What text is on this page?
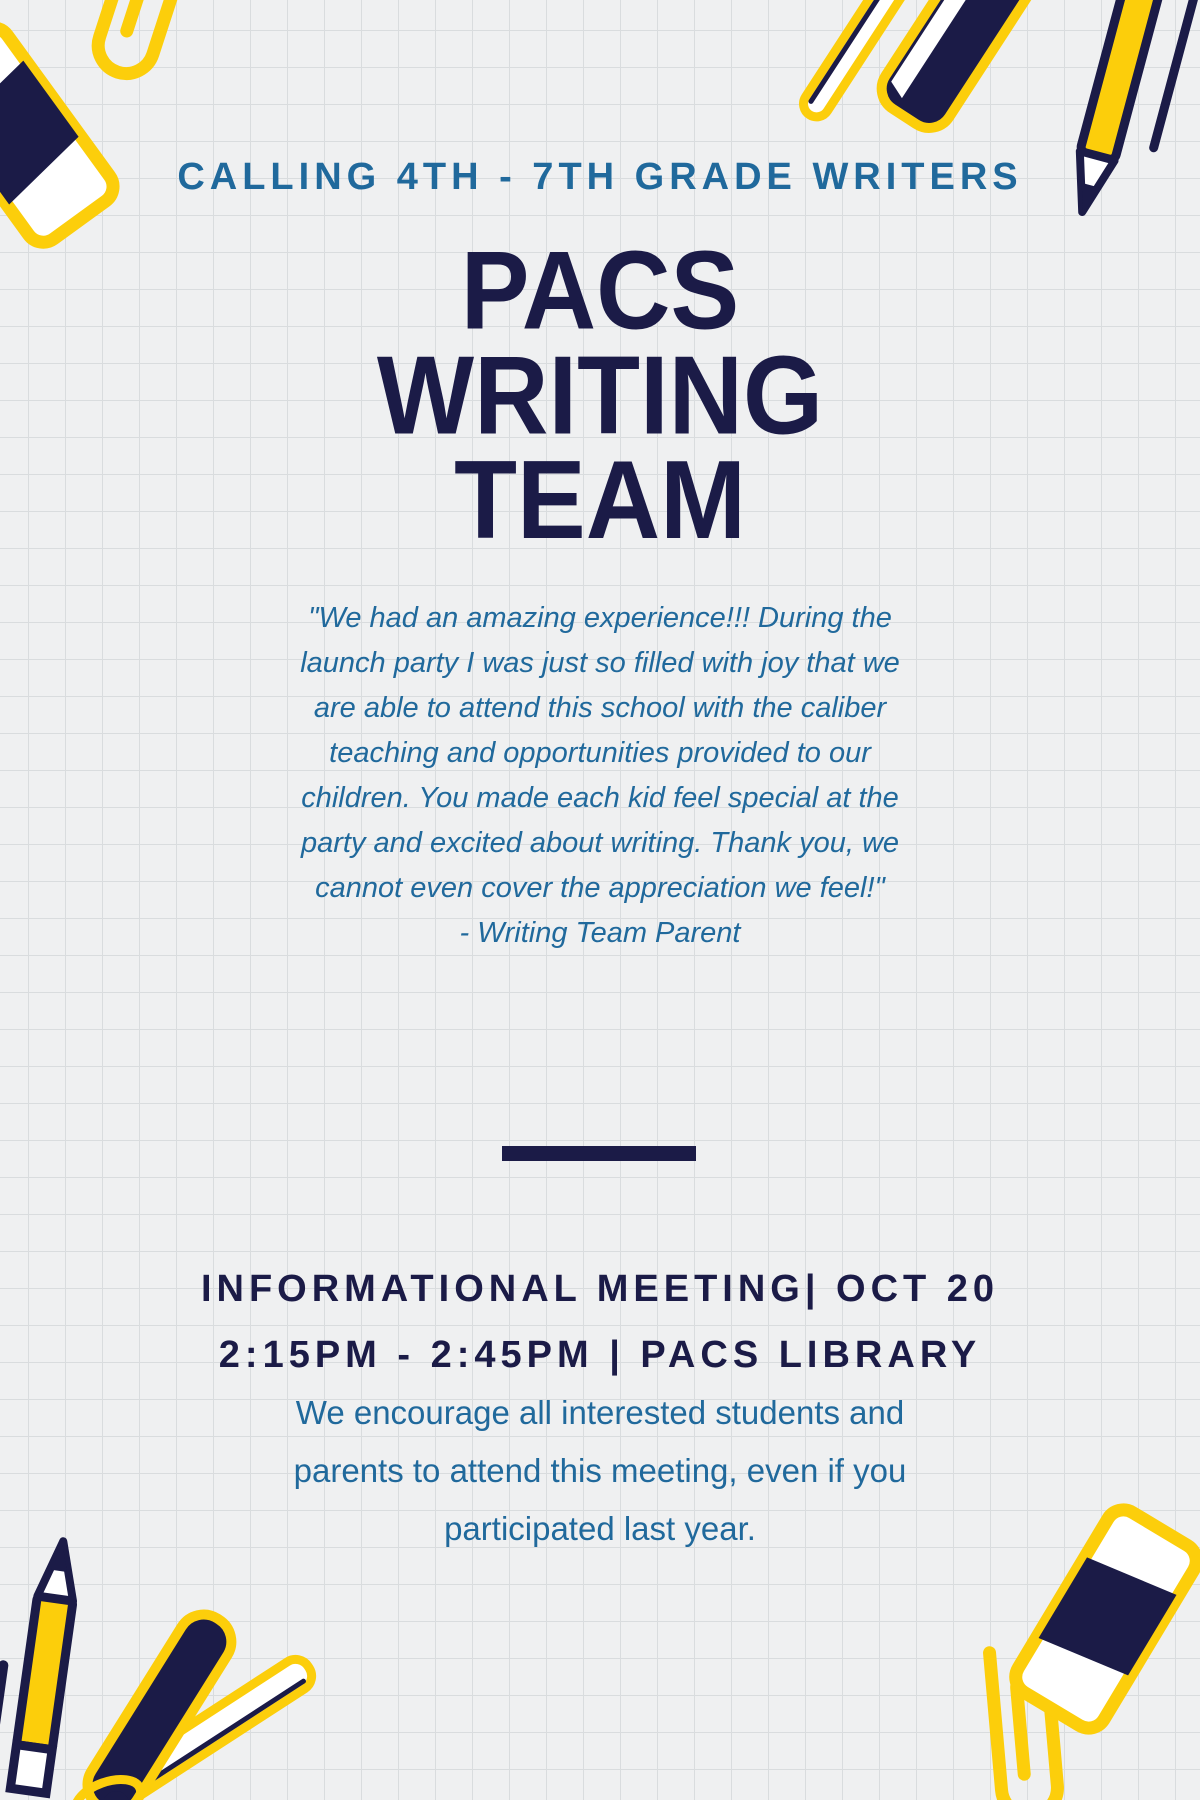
CALLING 4TH - 7TH GRADE WRITERS
PACS
WRITING
TEAM
"We had an amazing experience!!! During the
launch party I was just so filled with joy that we
are able to attend this school with the caliber
teaching and opportunities provided to our
children. You made each kid feel special at the
party and excited about writing. Thank you, we
cannot even cover the appreciation we feel!"
- Writing Team Parent
INFORMATIONAL MEETING| OCT 20
2:15PM - 2:45PM | PACS LIBRARY

We encourage all interested students and
parents to attend this meeting, even if you
participated last year.
